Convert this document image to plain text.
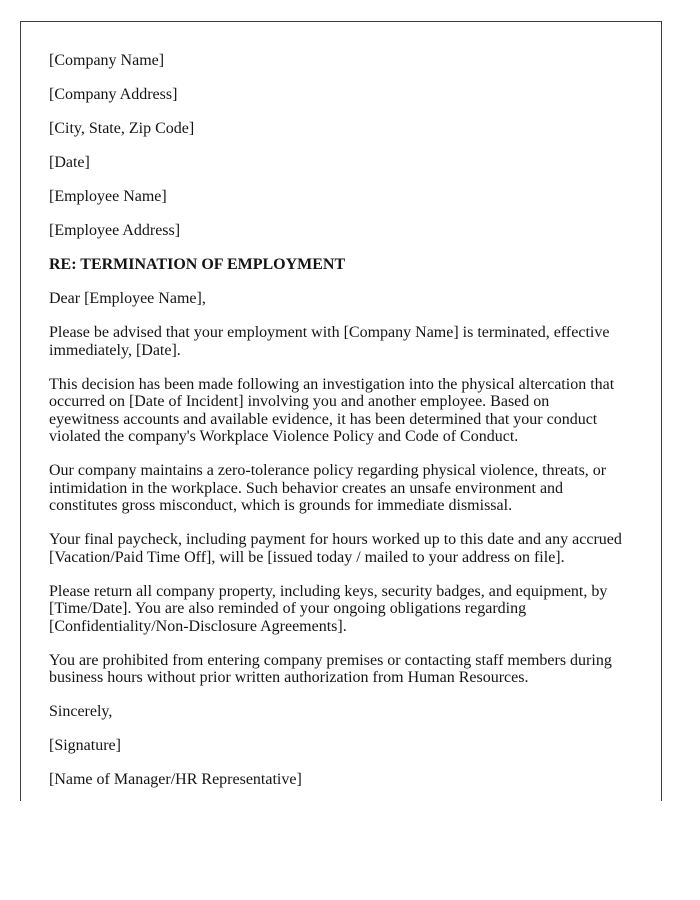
[Company Name]

[Company Address]

[City, State, Zip Code]

[Date]

[Employee Name]

[Employee Address]

RE: TERMINATION OF EMPLOYMENT

Dear [Employee Name],

Please be advised that your employment with [Company Name] is terminated, effective immediately, [Date].

This decision has been made following an investigation into the physical altercation that occurred on [Date of Incident] involving you and another employee. Based on eyewitness accounts and available evidence, it has been determined that your conduct violated the company's Workplace Violence Policy and Code of Conduct.

Our company maintains a zero-tolerance policy regarding physical violence, threats, or intimidation in the workplace. Such behavior creates an unsafe environment and constitutes gross misconduct, which is grounds for immediate dismissal.

Your final paycheck, including payment for hours worked up to this date and any accrued [Vacation/Paid Time Off], will be [issued today / mailed to your address on file].

Please return all company property, including keys, security badges, and equipment, by [Time/Date]. You are also reminded of your ongoing obligations regarding [Confidentiality/Non-Disclosure Agreements].

You are prohibited from entering company premises or contacting staff members during business hours without prior written authorization from Human Resources.

Sincerely,

[Signature]

[Name of Manager/HR Representative]
